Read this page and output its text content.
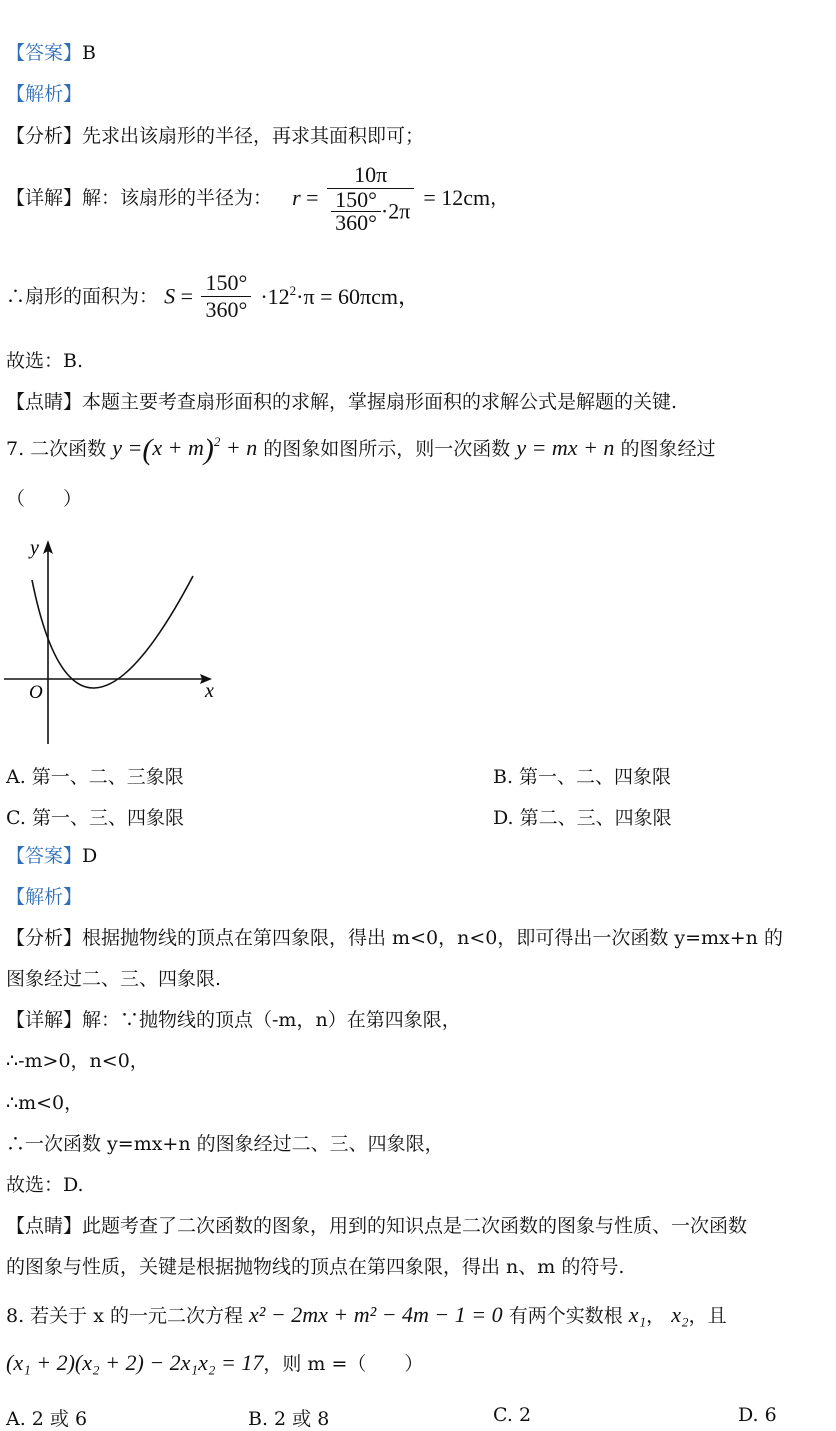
【答案】B
【解析】
【分析】先求出该扇形的半径，再求其面积即可；
【详解】解：该扇形的半径为： $r = \frac{10\pi}{\frac{150^\circ}{360^\circ} \cdot 2\pi} = 12cm$，
∴扇形的面积为： $S = \frac{150^\circ}{360^\circ} \cdot 12^2\cdot\pi = 60\pi cm$，
故选：B.
【点睛】本题主要考查扇形面积的求解，掌握扇形面积的求解公式是解题的关键.
7. 二次函数 $y =(x + m)^2 + n$ 的图象如图所示，则一次函数 y = mx + n 的图象经过
（　　）
y
x
O
A. 第一、二、三象限	B. 第一、二、四象限
C. 第一、三、四象限	D. 第二、三、四象限
【答案】D
【解析】
【分析】根据抛物线的顶点在第四象限，得出 m<0，n<0，即可得出一次函数 y=mx+n 的
图象经过二、三、四象限.
【详解】解：∵抛物线的顶点（-m，n）在第四象限，
∴-m>0，n<0，
∴m<0，
∴一次函数 y=mx+n 的图象经过二、三、四象限，
故选：D.
【点睛】此题考查了二次函数的图象，用到的知识点是二次函数的图象与性质、一次函数
的图象与性质，关键是根据抛物线的顶点在第四象限，得出 n、m 的符号.
8. 若关于 x 的一元二次方程 x² − 2mx + m² − 4m − 1 = 0 有两个实数根 x₁， x₂，且
(x₁ + 2)(x₂ + 2) − 2x₁x₂ = 17，则 m =（　　）
A. 2 或 6	B. 2 或 8	C. 2	D. 6
